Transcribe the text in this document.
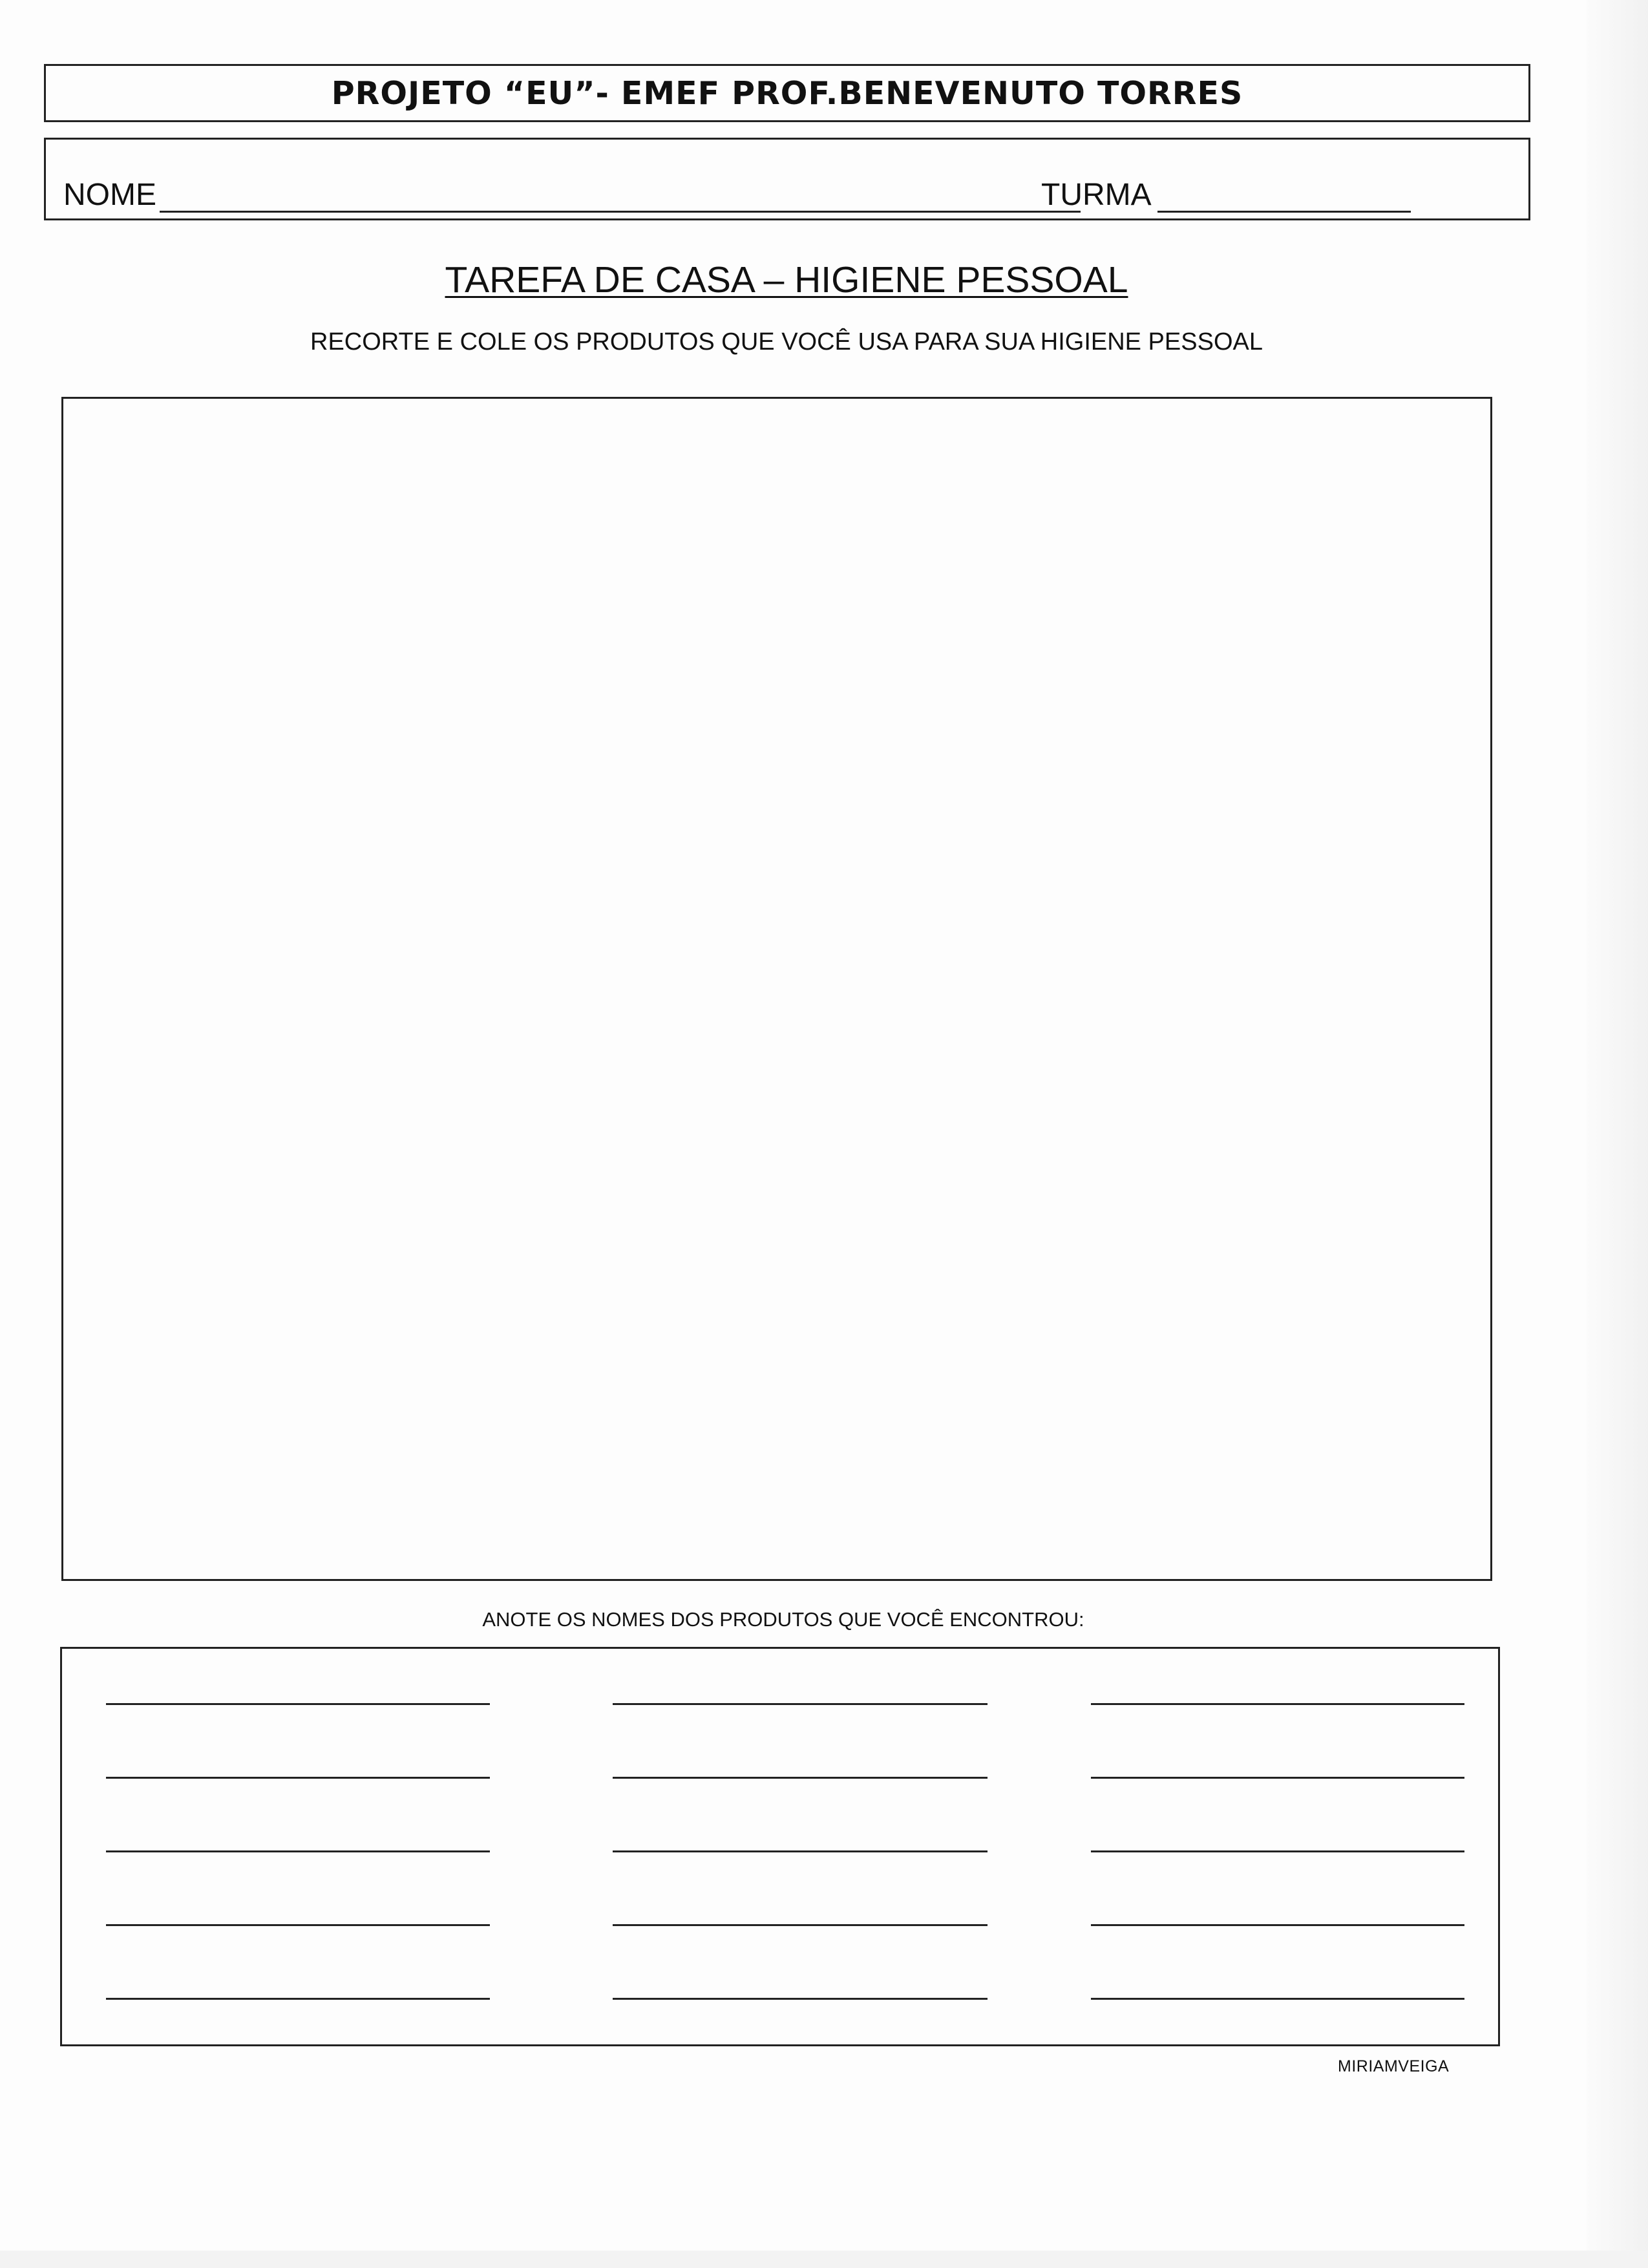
PROJETO “EU”- EMEF PROF.BENEVENUTO TORRES
NOME	TURMA
TAREFA DE CASA – HIGIENE PESSOAL
RECORTE E COLE OS PRODUTOS QUE VOCÊ USA PARA SUA HIGIENE PESSOAL
ANOTE OS NOMES DOS PRODUTOS QUE VOCÊ ENCONTROU:
MIRIAMVEIGA
